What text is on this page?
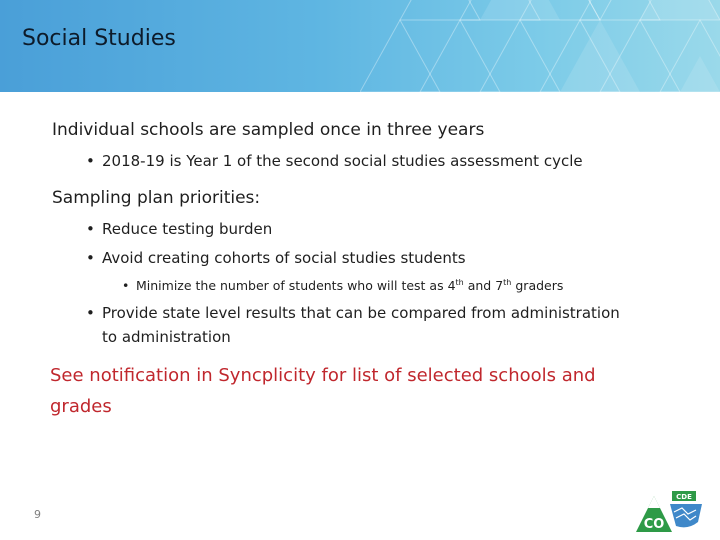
Social Studies
Individual schools are sampled once in three years
• 2018-19 is Year 1 of the second social studies assessment cycle
Sampling plan priorities:
• Reduce testing burden
• Avoid creating cohorts of social studies students
• Minimize the number of students who will test as 4th and 7th graders
• Provide state level results that can be compared from administration
to administration
See notification in Syncplicity for list of selected schools and
grades
9
CO
CDE
